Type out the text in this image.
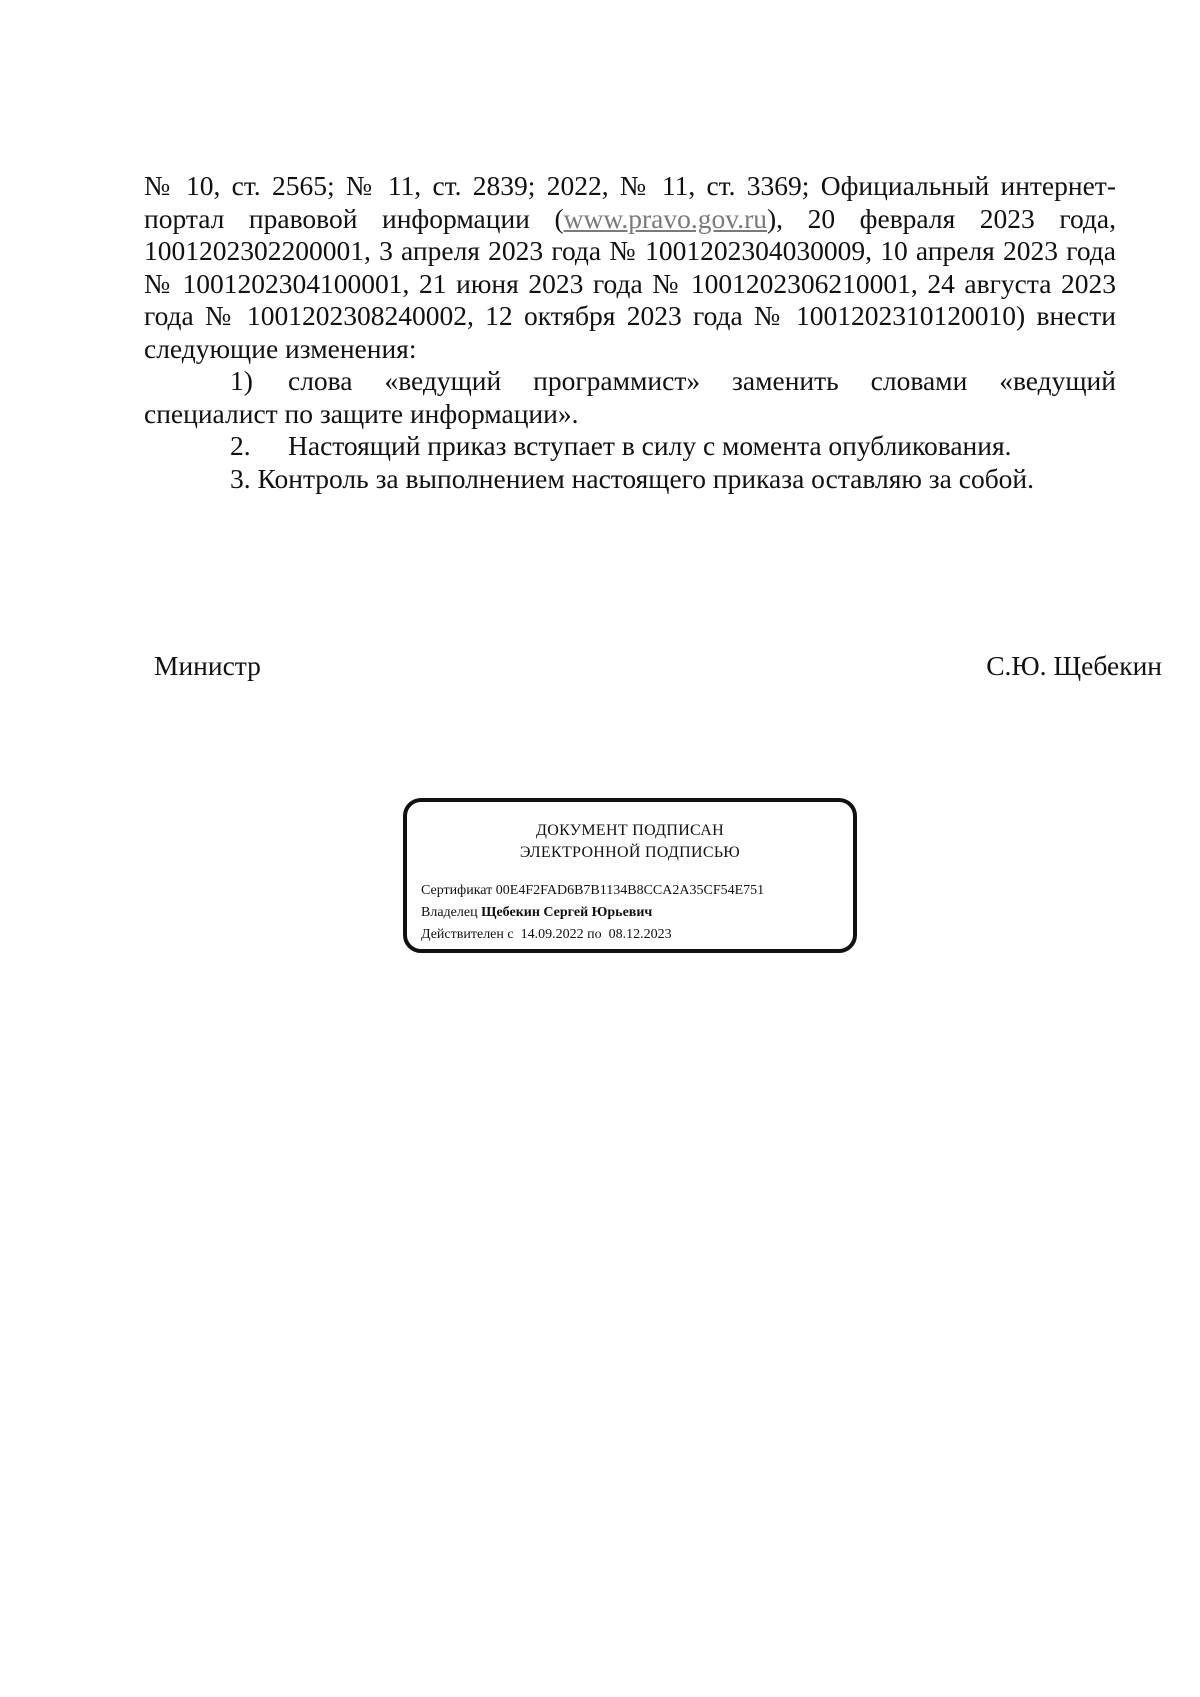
№ 10, ст. 2565; № 11, ст. 2839; 2022, № 11, ст. 3369; Официальный интернет-портал правовой информации (www.pravo.gov.ru), 20 февраля 2023 года, 1001202302200001, 3 апреля 2023 года № 1001202304030009, 10 апреля 2023 года № 1001202304100001, 21 июня 2023 года № 1001202306210001, 24 августа 2023 года № 1001202308240002, 12 октября 2023 года № 1001202310120010) внести следующие изменения:

1) слова «ведущий программист» заменить словами «ведущий специалист по защите информации».

2. Настоящий приказ вступает в силу с момента опубликования.

3. Контроль за выполнением настоящего приказа оставляю за собой.

Министр	С.Ю. Щебекин
ДОКУМЕНТ ПОДПИСАН
ЭЛЕКТРОННОЙ ПОДПИСЬЮ
Сертификат 00E4F2FAD6B7B1134B8CCA2A35CF54E751
Владелец Щебекин Сергей Юрьевич
Действителен с 14.09.2022 по 08.12.2023
